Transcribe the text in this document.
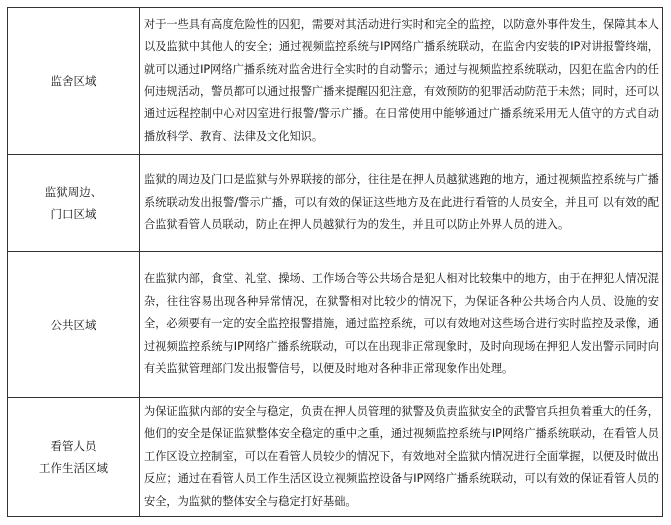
监舍区域	对于一些具有高度危险性的囚犯，需要对其活动进行实时和完全的监控，以防意外事件发生，保障其本人以及监狱中其他人的安全；通过视频监控系统与IP网络广播系统联动，在监舍内安装的IP对讲报警终端，就可以通过IP网络广播系统对监舍进行全实时的自动警示；通过与视频监控系统联动，囚犯在监舍内的任何违规活动，警员都可以通过报警广播来提醒囚犯注意，有效预防的犯罪活动防范于未然；同时，还可以通过远程控制中心对囚室进行报警/警示广播。在日常使用中能够通过广播系统采用无人值守的方式自动播放科学、教育、法律及文化知识。

监狱周边、
门口区域	监狱的周边及门口是监狱与外界联接的部分，往往是在押人员越狱逃跑的地方，通过视频监控系统与广播系统联动发出报警/警示广播，可以有效的保证这些地方及在此进行看管的人员安全，并且可 以有效的配合监狱看管人员联动，防止在押人员越狱行为的发生，并且可以防止外界人员的进入。

公共区域	在监狱内部，食堂、礼堂、操场、工作场合等公共场合是犯人相对比较集中的地方，由于在押犯人情况混杂，往往容易出现各种异常情况，在狱警相对比较少的情况下，为保证各种公共场合内人员、设施的安全，必须要有一定的安全监控报警措施，通过监控系统，可以有效地对这些场合进行实时监控及录像，通过视频监控系统与IP网络广播系统联动，可以在出现非正常现象时，及时向现场在押犯人发出警示同时向有关监狱管理部门发出报警信号，以便及时地对各种非正常现象作出处理。

看管人员
工作生活区域	为保证监狱内部的安全与稳定，负责在押人员管理的狱警及负责监狱安全的武警官兵担负着重大的任务，他们的安全是保证监狱整体安全稳定的重中之重，通过视频监控系统与IP网络广播系统联动，在看管人员工作区设立控制室，可以在看管人员较少的情况下，有效地对全监狱内情况进行全面掌握，以便及时做出反应；通过在看管人员工作生活区设立视频监控设备与IP网络广播系统联动，可以有效的保证看管人员的安全，为监狱的整体安全与稳定打好基础。
